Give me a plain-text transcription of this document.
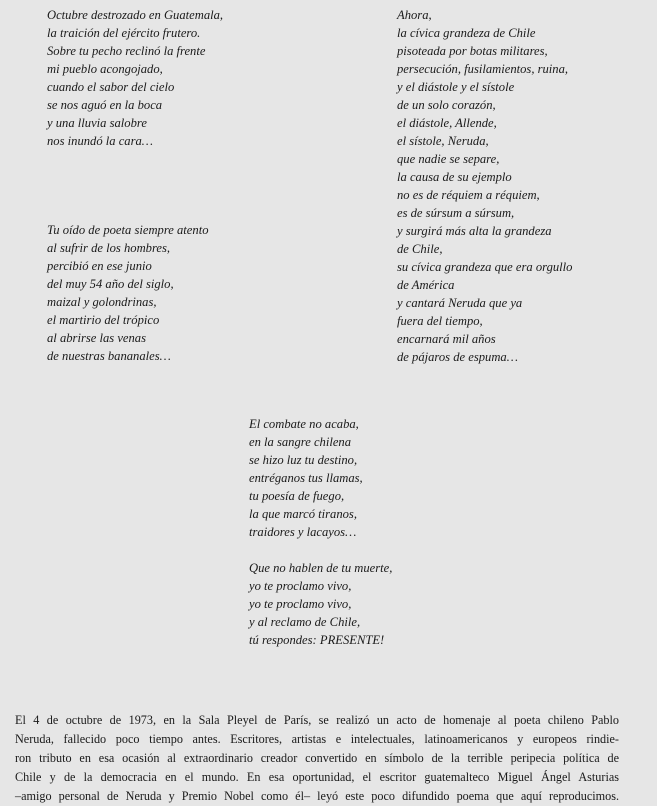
Octubre destrozado en Guatemala,
la traición del ejército frutero.
Sobre tu pecho reclinó la frente
mi pueblo acongojado,
cuando el sabor del cielo
se nos aguó en la boca
y una lluvia salobre
nos inundó la cara…
Tu oído de poeta siempre atento
al sufrir de los hombres,
percibió en ese junio
del muy 54 año del siglo,
maizal y golondrinas,
el martirio del trópico
al abrirse las venas
de nuestras bananales…
Ahora,
la cívica grandeza de Chile
pisoteada por botas militares,
persecución, fusilamientos, ruina,
y el diástole y el sístole
de un solo corazón,
el diástole, Allende,
el sístole, Neruda,
que nadie se separe,
la causa de su ejemplo
no es de réquiem a réquiem,
es de súrsum a súrsum,
y surgirá más alta la grandeza
de Chile,
su cívica grandeza que era orgullo
de América
y cantará Neruda que ya
fuera del tiempo,
encarnará mil años
de pájaros de espuma…
El combate no acaba,
en la sangre chilena
se hizo luz tu destino,
entréganos tus llamas,
tu poesía de fuego,
la que marcó tiranos,
traidores y lacayos…
Que no hablen de tu muerte,
yo te proclamo vivo,
yo te proclamo vivo,
y al reclamo de Chile,
tú respondes: PRESENTE!
El 4 de octubre de 1973, en la Sala Pleyel de París, se realizó un acto de homenaje al poeta chileno Pablo
Neruda, fallecido poco tiempo antes. Escritores, artistas e intelectuales, latinoamericanos y europeos rindie-
ron tributo en esa ocasión al extraordinario creador convertido en símbolo de la terrible peripecia política de
Chile y de la democracia en el mundo. En esa oportunidad, el escritor guatemalteco Miguel Ángel Asturias
–amigo personal de Neruda y Premio Nobel como él– leyó este poco difundido poema que aquí reproducimos.
